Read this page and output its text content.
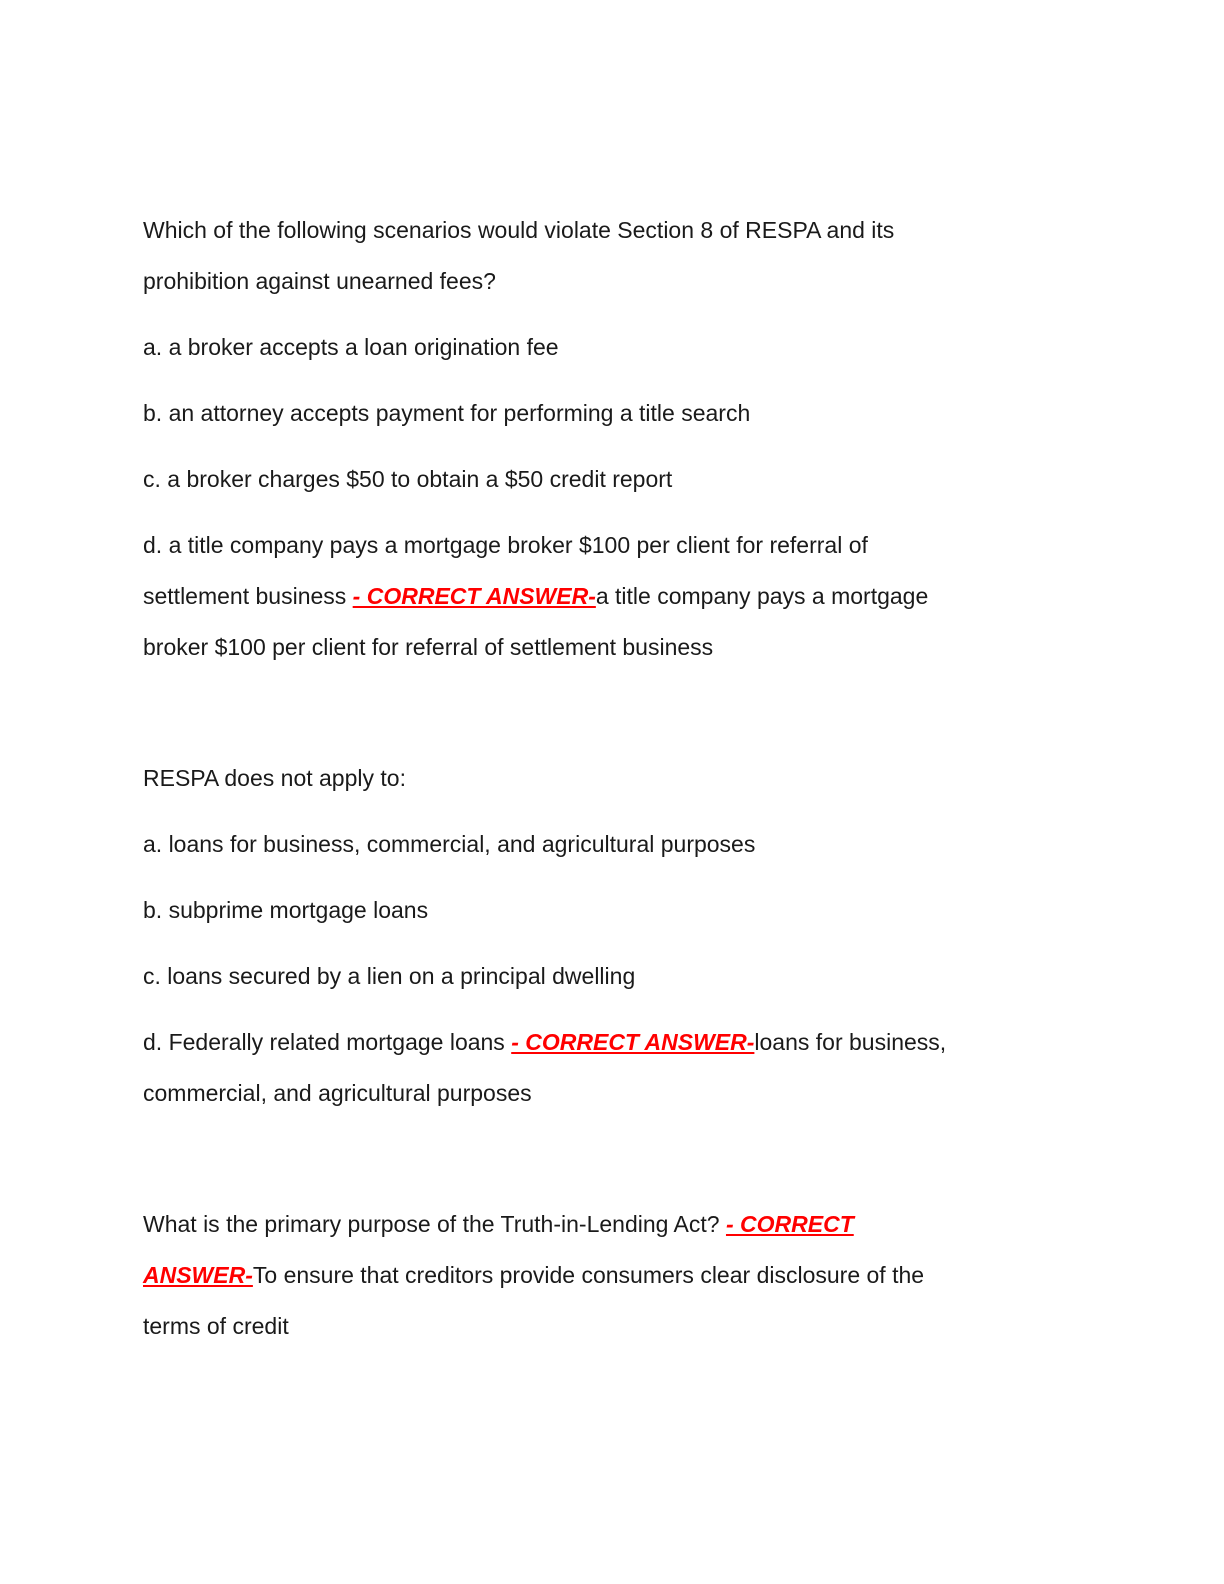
Which of the following scenarios would violate Section 8 of RESPA and its
prohibition against unearned fees?
a. a broker accepts a loan origination fee
b. an attorney accepts payment for performing a title search
c. a broker charges $50 to obtain a $50 credit report
d. a title company pays a mortgage broker $100 per client for referral of
settlement business - CORRECT ANSWER-a title company pays a mortgage
broker $100 per client for referral of settlement business
RESPA does not apply to:
a. loans for business, commercial, and agricultural purposes
b. subprime mortgage loans
c. loans secured by a lien on a principal dwelling
d. Federally related mortgage loans - CORRECT ANSWER-loans for business,
commercial, and agricultural purposes
What is the primary purpose of the Truth-in-Lending Act? - CORRECT
ANSWER-To ensure that creditors provide consumers clear disclosure of the
terms of credit
